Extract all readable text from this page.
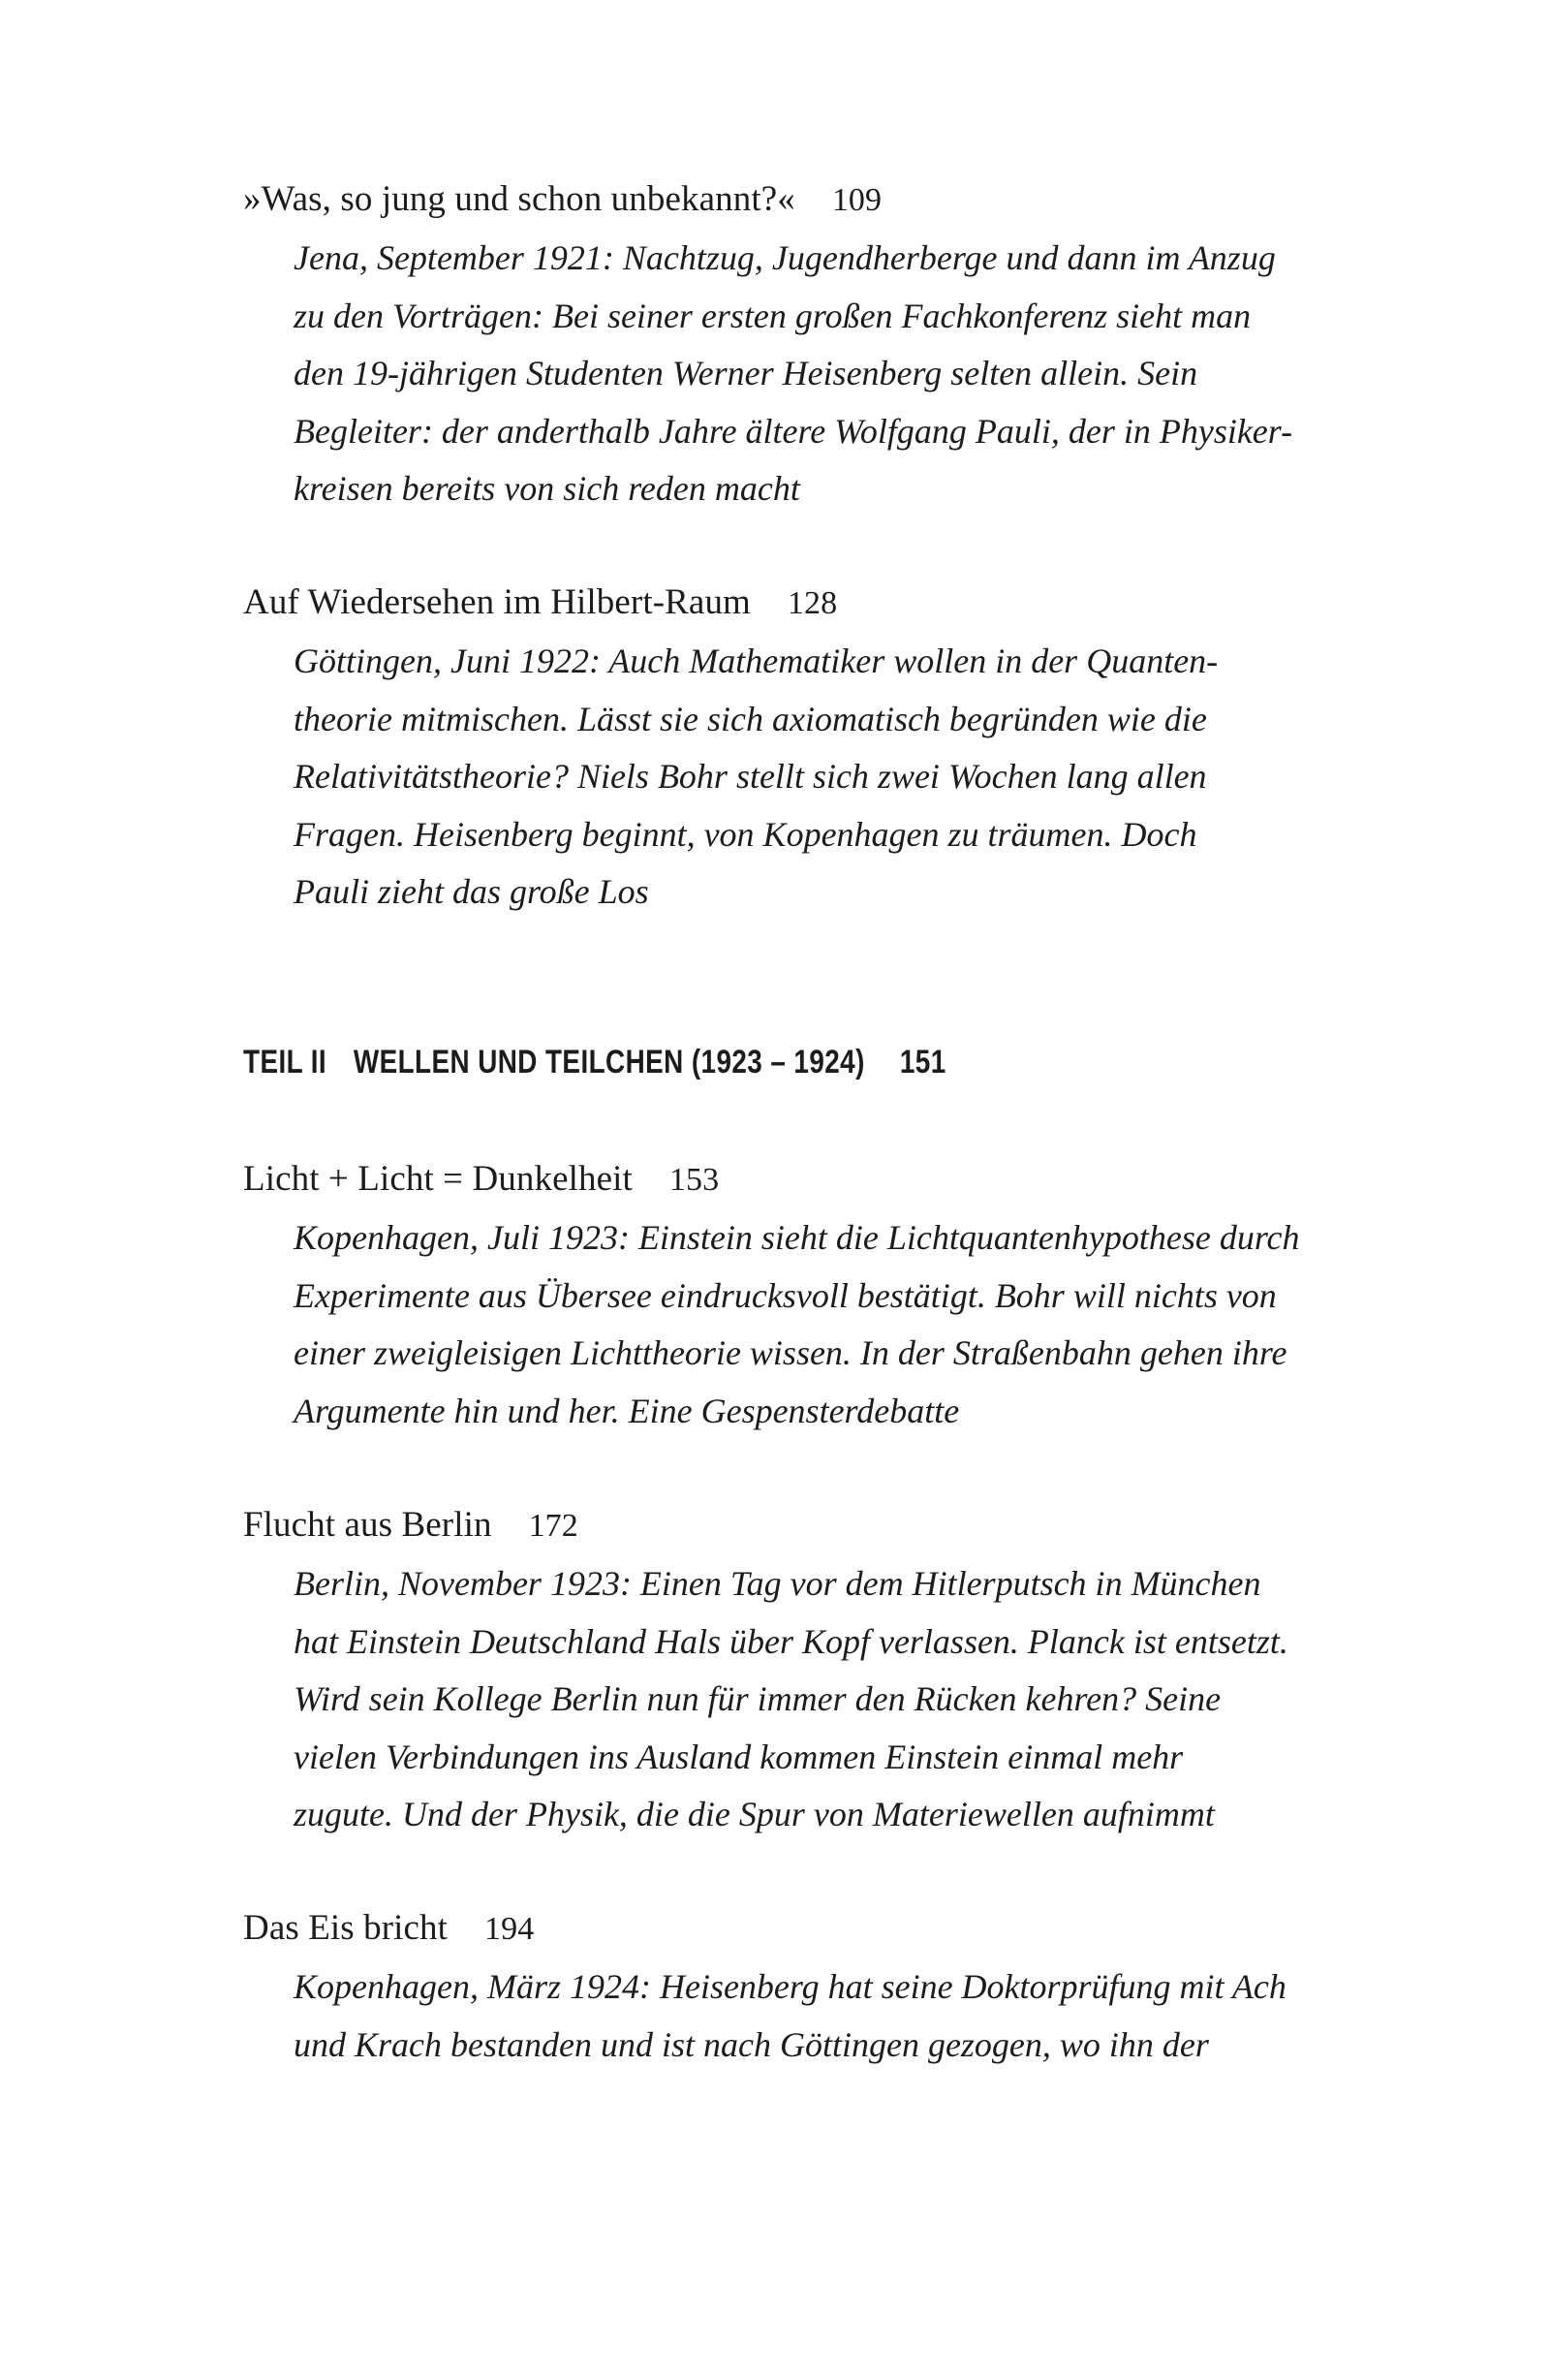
»Was, so jung und schon unbekannt?« 109
Jena, September 1921: Nachtzug, Jugendherberge und dann im Anzug
zu den Vorträgen: Bei seiner ersten großen Fachkonferenz sieht man
den 19-jährigen Studenten Werner Heisenberg selten allein. Sein
Begleiter: der anderthalb Jahre ältere Wolfgang Pauli, der in Physiker-
kreisen bereits von sich reden macht
Auf Wiedersehen im Hilbert-Raum 128
Göttingen, Juni 1922: Auch Mathematiker wollen in der Quanten-
theorie mitmischen. Lässt sie sich axiomatisch begründen wie die
Relativitätstheorie? Niels Bohr stellt sich zwei Wochen lang allen
Fragen. Heisenberg beginnt, von Kopenhagen zu träumen. Doch
Pauli zieht das große Los
TEIL II WELLEN UND TEILCHEN (1923 – 1924) 151
Licht + Licht = Dunkelheit 153
Kopenhagen, Juli 1923: Einstein sieht die Lichtquantenhypothese durch
Experimente aus Übersee eindrucksvoll bestätigt. Bohr will nichts von
einer zweigleisigen Lichttheorie wissen. In der Straßenbahn gehen ihre
Argumente hin und her. Eine Gespensterdebatte
Flucht aus Berlin 172
Berlin, November 1923: Einen Tag vor dem Hitlerputsch in München
hat Einstein Deutschland Hals über Kopf verlassen. Planck ist entsetzt.
Wird sein Kollege Berlin nun für immer den Rücken kehren? Seine
vielen Verbindungen ins Ausland kommen Einstein einmal mehr
zugute. Und der Physik, die die Spur von Materiewellen aufnimmt
Das Eis bricht 194
Kopenhagen, März 1924: Heisenberg hat seine Doktorprüfung mit Ach
und Krach bestanden und ist nach Göttingen gezogen, wo ihn der
